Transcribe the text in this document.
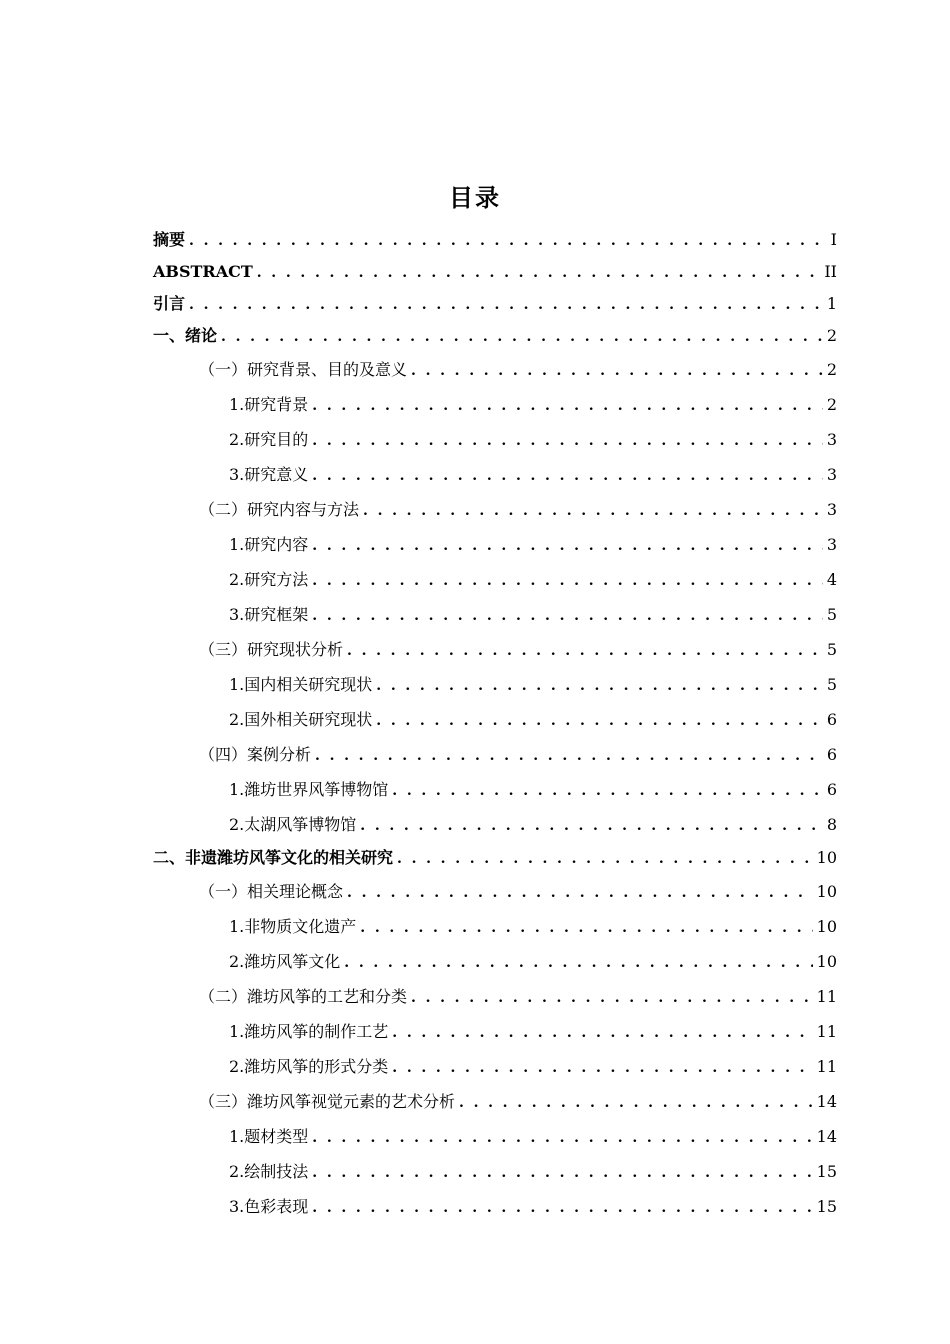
目录
摘要 . . .	I
ABSTRACT . . .	II
引言 . . .	1
一、绪论 . . .	2
（一）研究背景、目的及意义 . . .	2
1.研究背景 . . .	2
2.研究目的 . . .	3
3.研究意义 . . .	3
（二）研究内容与方法 . . .	3
1.研究内容 . . .	3
2.研究方法 . . .	4
3.研究框架 . . .	5
（三）研究现状分析 . . .	5
1.国内相关研究现状 . . .	5
2.国外相关研究现状 . . .	6
（四）案例分析 . . .	6
1.潍坊世界风筝博物馆 . . .	6
2.太湖风筝博物馆 . . .	8
二、非遗潍坊风筝文化的相关研究 . . .	10
（一）相关理论概念 . . .	10
1.非物质文化遗产 . . .	10
2.潍坊风筝文化 . . .	10
（二）潍坊风筝的工艺和分类 . . .	11
1.潍坊风筝的制作工艺 . . .	11
2.潍坊风筝的形式分类 . . .	11
（三）潍坊风筝视觉元素的艺术分析 . . .	14
1.题材类型 . . .	14
2.绘制技法 . . .	15
3.色彩表现 . . .	15
